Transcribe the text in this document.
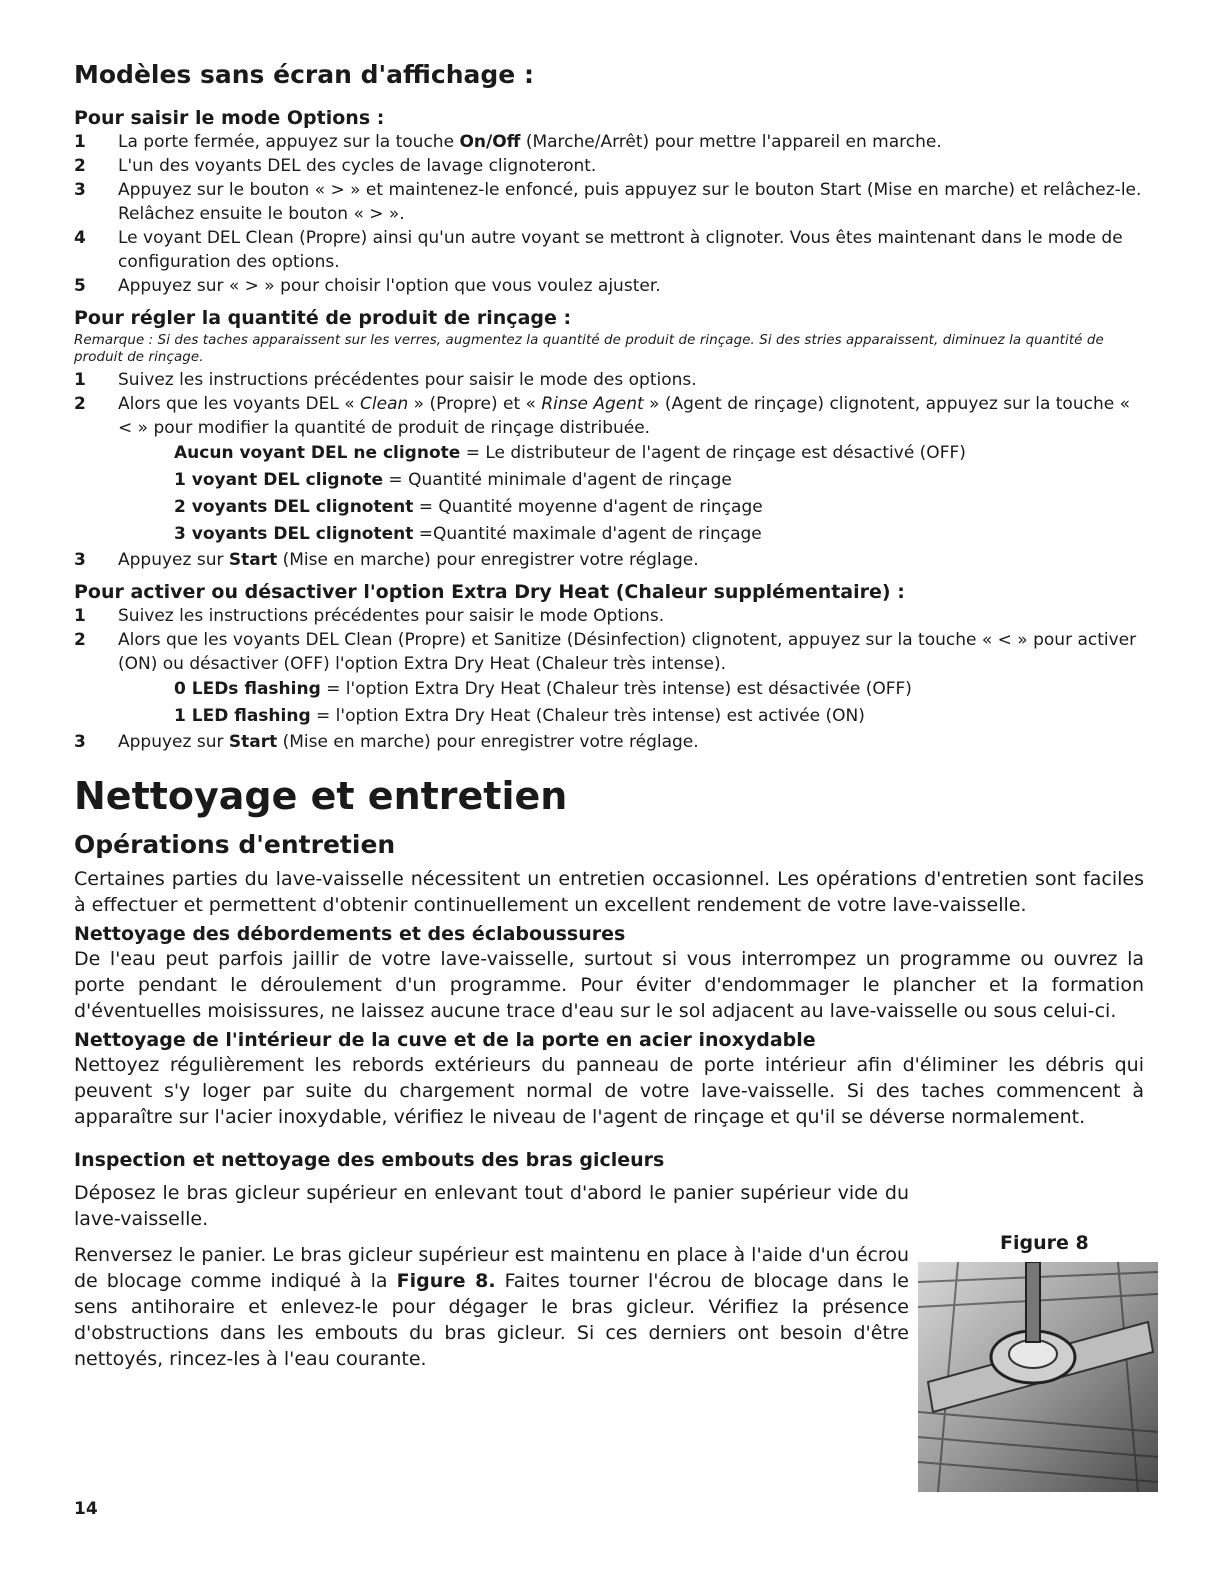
Modèles sans écran d'affichage :
Pour saisir le mode Options :
1 La porte fermée, appuyez sur la touche On/Off (Marche/Arrêt) pour mettre l'appareil en marche.
2 L'un des voyants DEL des cycles de lavage clignoteront.
3 Appuyez sur le bouton « > » et maintenez-le enfoncé, puis appuyez sur le bouton Start (Mise en marche) et relâchez-le. Relâchez ensuite le bouton « > ».
4 Le voyant DEL Clean (Propre) ainsi qu'un autre voyant se mettront à clignoter. Vous êtes maintenant dans le mode de configuration des options.
5 Appuyez sur « > » pour choisir l'option que vous voulez ajuster.
Pour régler la quantité de produit de rinçage :
Remarque : Si des taches apparaissent sur les verres, augmentez la quantité de produit de rinçage. Si des stries apparaissent, diminuez la quantité de produit de rinçage.
1 Suivez les instructions précédentes pour saisir le mode des options.
2 Alors que les voyants DEL « Clean » (Propre) et « Rinse Agent » (Agent de rinçage) clignotent, appuyez sur la touche « < » pour modifier la quantité de produit de rinçage distribuée.
Aucun voyant DEL ne clignote = Le distributeur de l'agent de rinçage est désactivé (OFF)
1 voyant DEL clignote = Quantité minimale d'agent de rinçage
2 voyants DEL clignotent = Quantité moyenne d'agent de rinçage
3 voyants DEL clignotent =Quantité maximale d'agent de rinçage
3 Appuyez sur Start (Mise en marche) pour enregistrer votre réglage.
Pour activer ou désactiver l'option Extra Dry Heat (Chaleur supplémentaire) :
1 Suivez les instructions précédentes pour saisir le mode Options.
2 Alors que les voyants DEL Clean (Propre) et Sanitize (Désinfection) clignotent, appuyez sur la touche « < » pour activer (ON) ou désactiver (OFF) l'option Extra Dry Heat (Chaleur très intense).
0 LEDs flashing = l'option Extra Dry Heat (Chaleur très intense) est désactivée (OFF)
1 LED flashing = l'option Extra Dry Heat (Chaleur très intense) est activée (ON)
3 Appuyez sur Start (Mise en marche) pour enregistrer votre réglage.
Nettoyage et entretien
Opérations d'entretien

Certaines parties du lave-vaisselle nécessitent un entretien occasionnel. Les opérations d'entretien sont faciles à effectuer et permettent d'obtenir continuellement un excellent rendement de votre lave-vaisselle.

Nettoyage des débordements et des éclaboussures

De l'eau peut parfois jaillir de votre lave-vaisselle, surtout si vous interrompez un programme ou ouvrez la porte pendant le déroulement d'un programme. Pour éviter d'endommager le plancher et la formation d'éventuelles moisissures, ne laissez aucune trace d'eau sur le sol adjacent au lave-vaisselle ou sous celui-ci.

Nettoyage de l'intérieur de la cuve et de la porte en acier inoxydable

Nettoyez régulièrement les rebords extérieurs du panneau de porte intérieur afin d'éliminer les débris qui peuvent s'y loger par suite du chargement normal de votre lave-vaisselle. Si des taches commencent à apparaître sur l'acier inoxydable, vérifiez le niveau de l'agent de rinçage et qu'il se déverse normalement.

Inspection et nettoyage des embouts des bras gicleurs

Déposez le bras gicleur supérieur en enlevant tout d'abord le panier supérieur vide du lave-vaisselle.

Renversez le panier. Le bras gicleur supérieur est maintenu en place à l'aide d'un écrou de blocage comme indiqué à la Figure 8. Faites tourner l'écrou de blocage dans le sens antihoraire et enlevez-le pour dégager le bras gicleur. Vérifiez la présence d'obstructions dans les embouts du bras gicleur. Si ces derniers ont besoin d'être nettoyés, rincez-les à l'eau courante.

Figure 8
14
